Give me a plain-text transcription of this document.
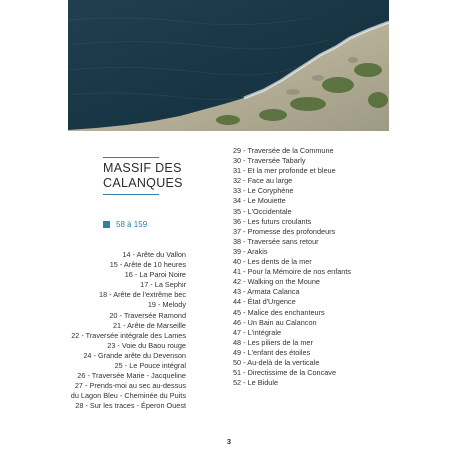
MASSIF DES
CALANQUES
58 à 159
14 - Arête du Vallon
15 - Arête de 10 heures
16 - La Paroi Noire
17 - La Sephir
18 - Arête de l'extrême bec
19 - Melody
20 - Traversée Ramond
21 - Arête de Marseille
22 - Traversée intégrale des Lames
23 - Voie du Baou rouge
24 - Grande arête du Devenson
25 - Le Pouce intégral
26 - Traversée Marie - Jacqueline
27 - Prends-moi au sec au-dessus
du Lagon Bleu - Cheminée du Puits
28 - Sur les traces - Éperon Ouest
29 - Traversée de la Commune
30 - Traversée Tabarly
31 - Et la mer profonde et bleue
32 - Face au large
33 - Le Coryphène
34 - Le Mouiette
35 - L'Occidentale
36 - Les futurs croulants
37 - Promesse des profondeurs
38 - Traversée sans retour
39 - Arakis
40 - Les dents de la mer
41 - Pour la Mémoire de nos enfants
42 - Walking on the Moune
43 - Armata Calanca
44 - État d'Urgence
45 - Malice des enchanteurs
46 - Un Bain au Calancon
47 - L'intégrale
48 - Les piliers de la mer
49 - L'enfant des étoiles
50 - Au-delà de la verticale
51 - Directissime de la Concave
52 - Le Bidule
3
